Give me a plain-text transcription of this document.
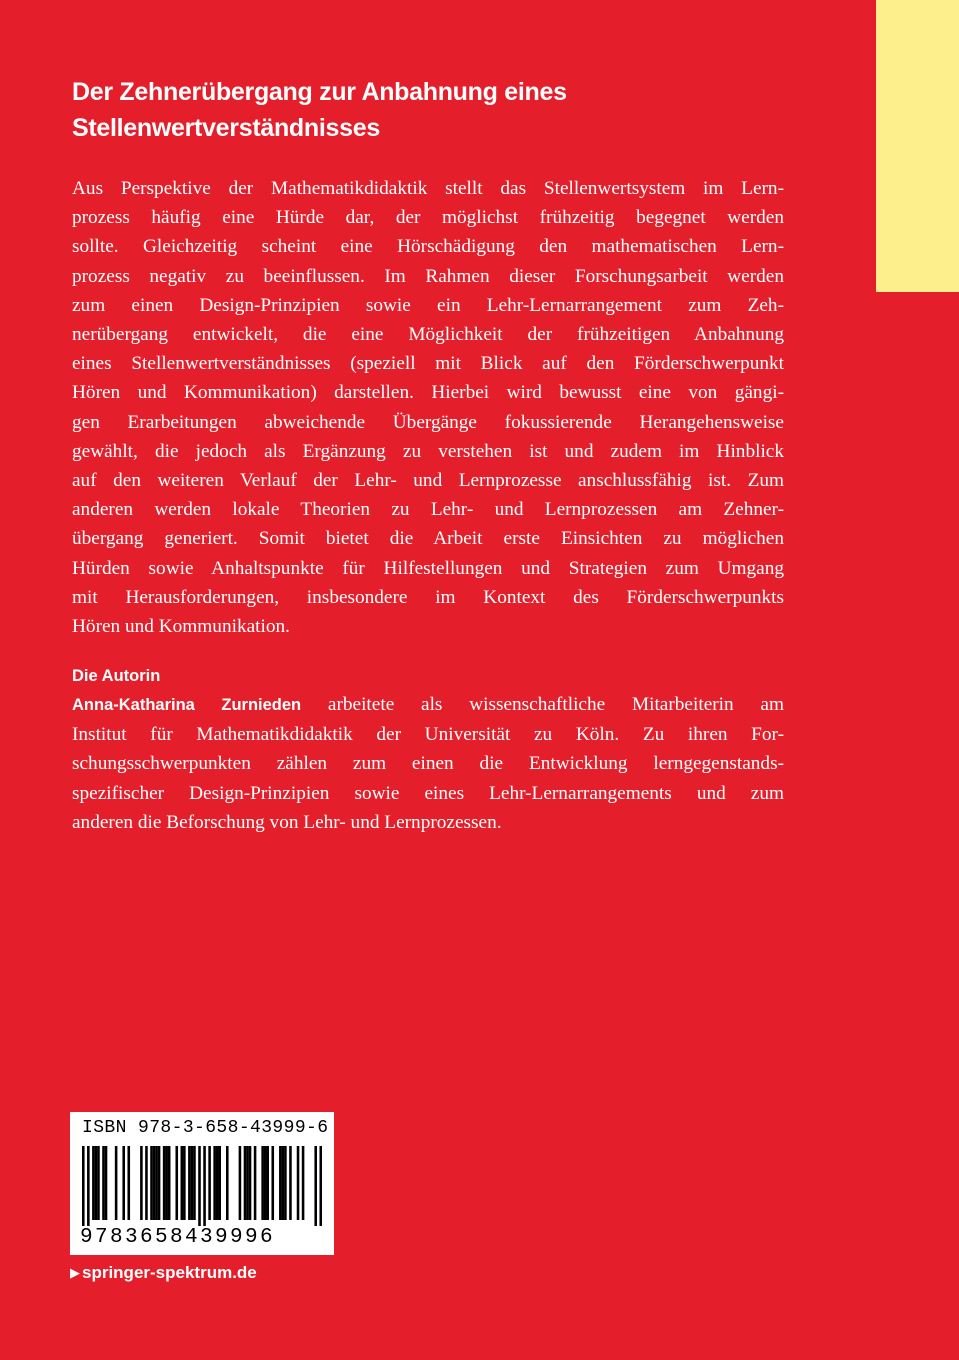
Der Zehnerübergang zur Anbahnung eines
Stellenwertverständnisses

Aus Perspektive der Mathematikdidaktik stellt das Stellenwertsystem im Lern-
prozess häufig eine Hürde dar, der möglichst frühzeitig begegnet werden
sollte. Gleichzeitig scheint eine Hörschädigung den mathematischen Lern-
prozess negativ zu beeinflussen. Im Rahmen dieser Forschungsarbeit werden
zum einen Design-Prinzipien sowie ein Lehr-Lernarrangement zum Zeh-
nerübergang entwickelt, die eine Möglichkeit der frühzeitigen Anbahnung
eines Stellenwertverständnisses (speziell mit Blick auf den Förderschwerpunkt
Hören und Kommunikation) darstellen. Hierbei wird bewusst eine von gängi-
gen Erarbeitungen abweichende Übergänge fokussierende Herangehensweise
gewählt, die jedoch als Ergänzung zu verstehen ist und zudem im Hinblick
auf den weiteren Verlauf der Lehr- und Lernprozesse anschlussfähig ist. Zum
anderen werden lokale Theorien zu Lehr- und Lernprozessen am Zehner-
übergang generiert. Somit bietet die Arbeit erste Einsichten zu möglichen
Hürden sowie Anhaltspunkte für Hilfestellungen und Strategien zum Umgang
mit Herausforderungen, insbesondere im Kontext des Förderschwerpunkts
Hören und Kommunikation.

Die Autorin

Anna-Katharina Zurnieden arbeitete als wissenschaftliche Mitarbeiterin am
Institut für Mathematikdidaktik der Universität zu Köln. Zu ihren For-
schungsschwerpunkten zählen zum einen die Entwicklung lerngegenstands-
spezifischer Design-Prinzipien sowie eines Lehr-Lernarrangements und zum
anderen die Beforschung von Lehr- und Lernprozessen.

ISBN 978-3-658-43999-6
9783658439996
▶ springer-spektrum.de
